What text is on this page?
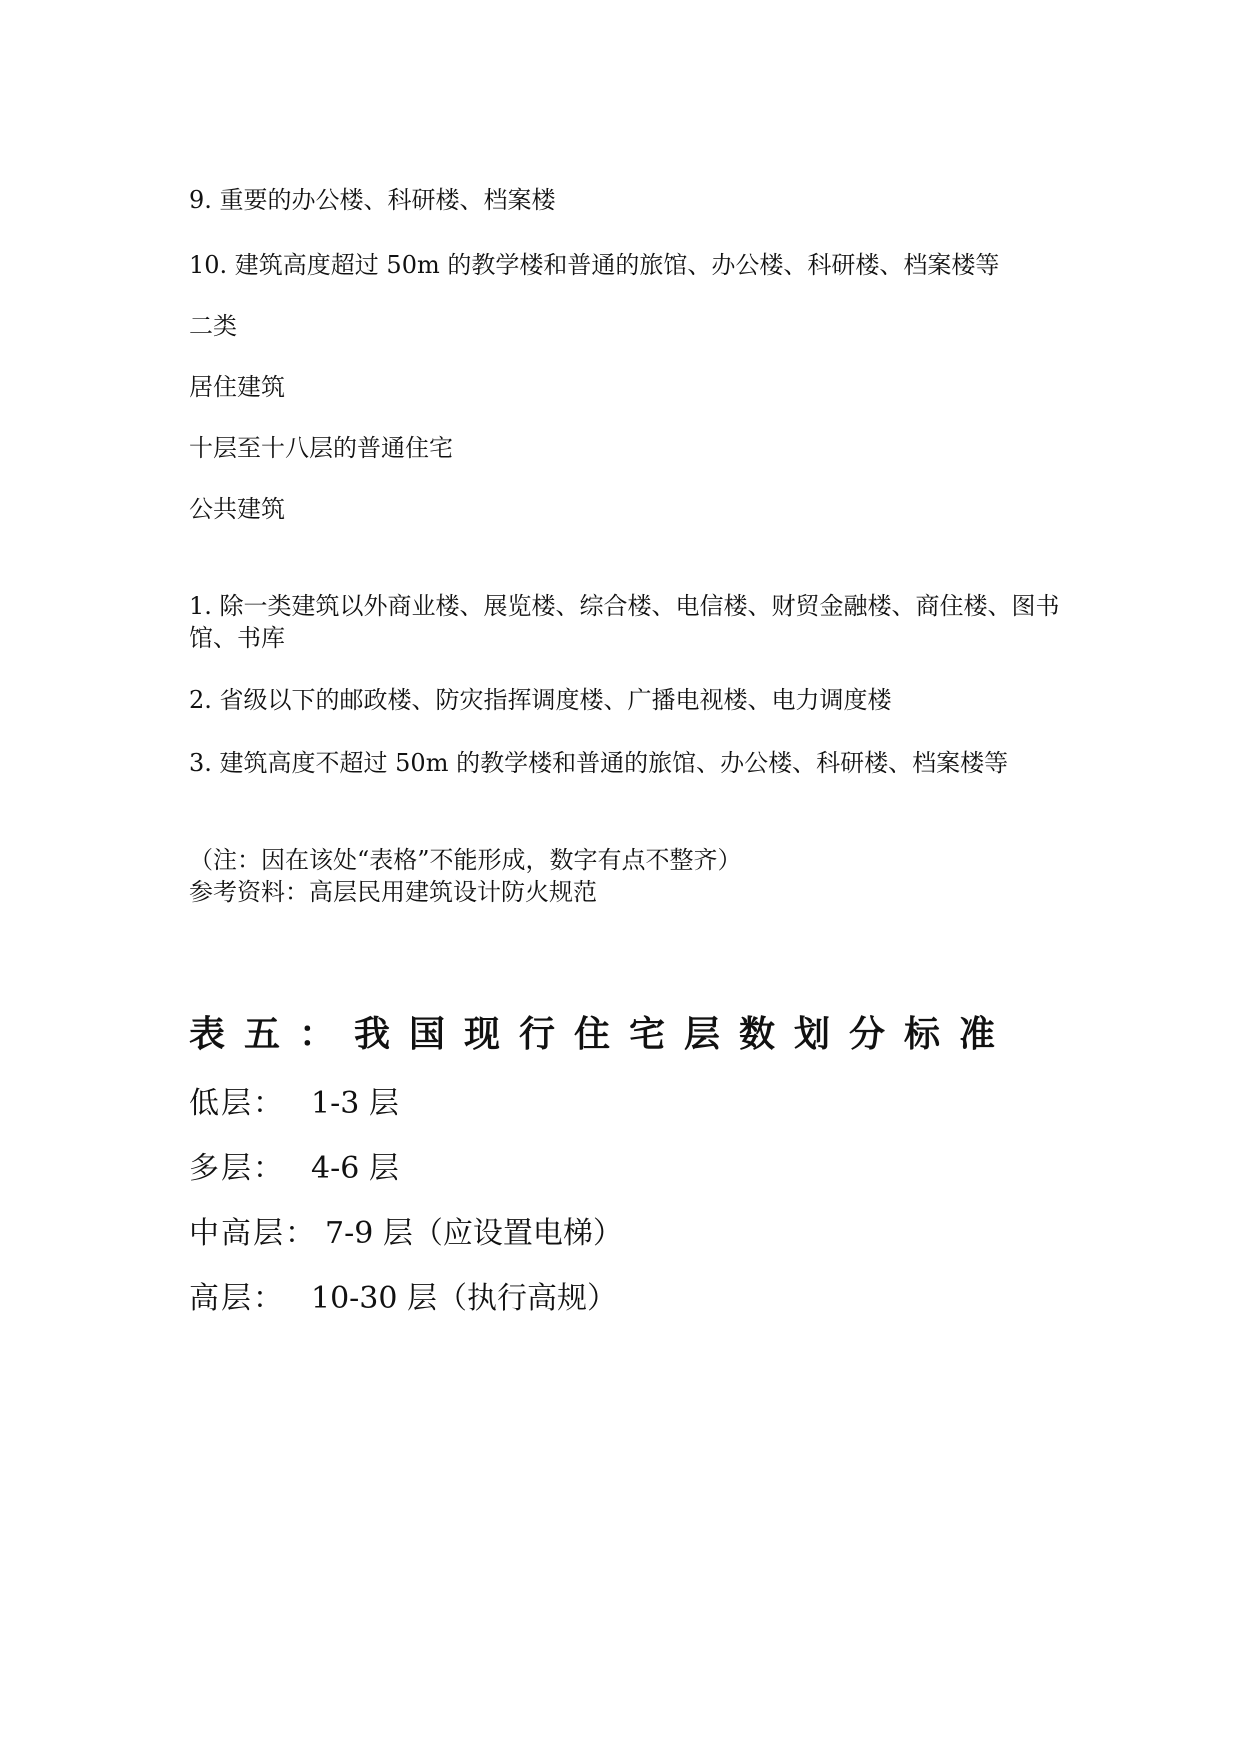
9. 重要的办公楼、科研楼、档案楼
10. 建筑高度超过 50m 的教学楼和普通的旅馆、办公楼、科研楼、档案楼等
二类
居住建筑
十层至十八层的普通住宅
公共建筑
1. 除一类建筑以外商业楼、展览楼、综合楼、电信楼、财贸金融楼、商住楼、图书馆、书库
2. 省级以下的邮政楼、防灾指挥调度楼、广播电视楼、电力调度楼
3. 建筑高度不超过 50m 的教学楼和普通的旅馆、办公楼、科研楼、档案楼等
（注：因在该处“表格”不能形成，数字有点不整齐）
参考资料：高层民用建筑设计防火规范
表五：我国现行住宅层数划分标准
低层： 1-3 层
多层： 4-6 层
中高层： 7-9 层（应设置电梯）
高层： 10-30 层（执行高规）
